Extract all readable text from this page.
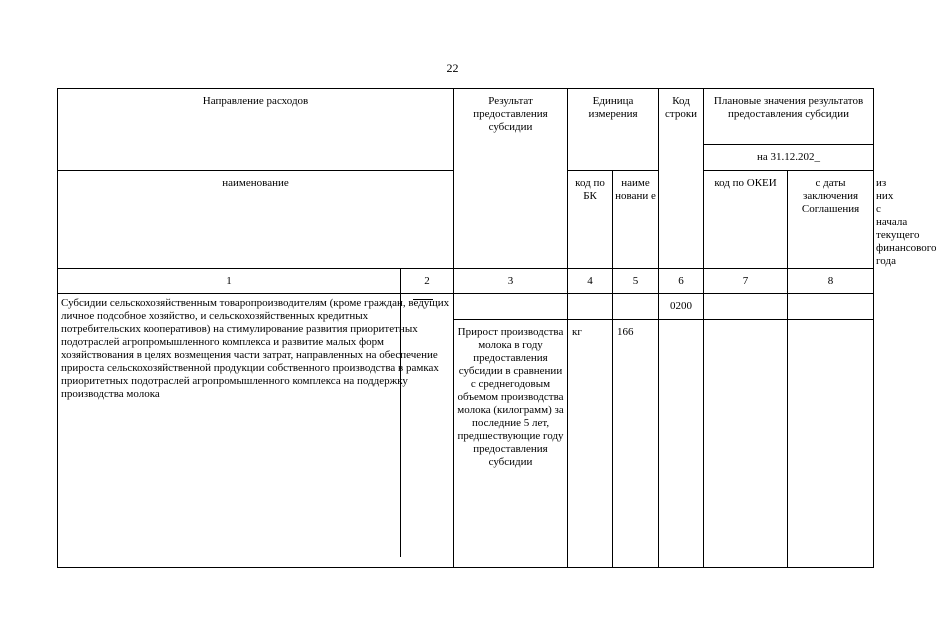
22
Направление расходов		Результат предоставления субсидии	Единица измерения		Код строки	Плановые значения результатов предоставления субсидии		
						на 31.12.202_		
наименование			код по БК	наиме новани е		код по ОКЕИ	с даты заключения Соглашения	из них с начала текущего финансового года
1	2	3	4	5	6	7	8	

Субсидии сельскохозяйственным товаропроизводителям (кроме граждан, ведущих личное подсобное хозяйство, и сельскохозяйственных кредитных потребительских кооперативов) на стимулирование развития приоритетных подотраслей агропромышленного комплекса и развитие малых форм хозяйствования в целях возмещения части затрат, направленных на обеспечение прироста сельскохозяйственной продукции собственного производства в рамках приоритетных подотраслей агропромышленного комплекса на поддержку производства молока					0200			
		Прирост производства молока в году предоставления субсидии в сравнении с среднегодовым объемом производства молока (килограмм) за последние 5 лет, предшествующие году предоставления субсидии	кг	166				
